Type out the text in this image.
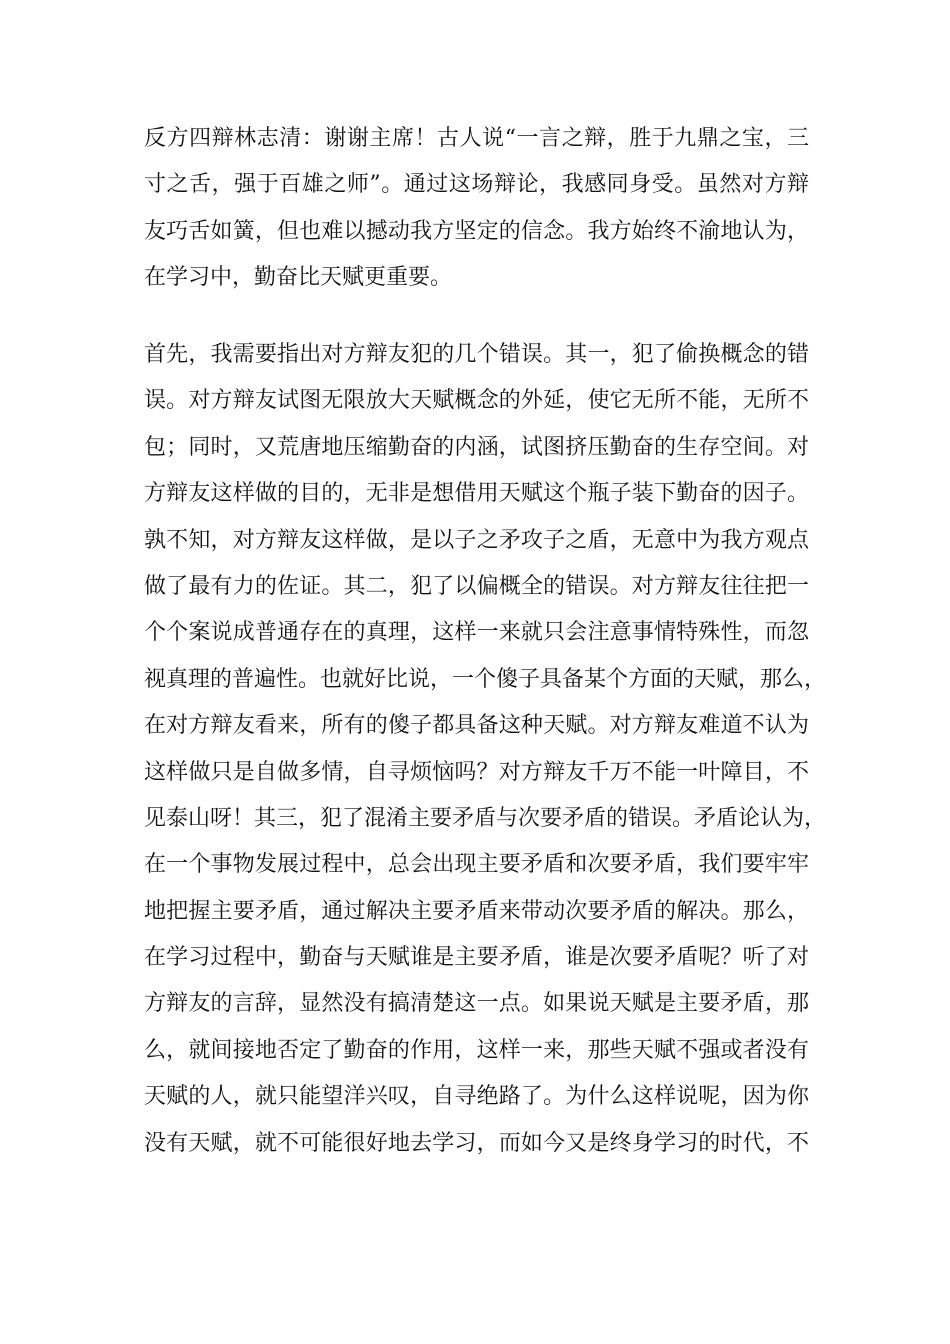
反方四辩林志清：谢谢主席！古人说“一言之辩，胜于九鼎之宝，三
寸之舌，强于百雄之师”。通过这场辩论，我感同身受。虽然对方辩
友巧舌如簧，但也难以撼动我方坚定的信念。我方始终不渝地认为，
在学习中，勤奋比天赋更重要。
首先，我需要指出对方辩友犯的几个错误。其一，犯了偷换概念的错
误。对方辩友试图无限放大天赋概念的外延，使它无所不能，无所不
包；同时，又荒唐地压缩勤奋的内涵，试图挤压勤奋的生存空间。对
方辩友这样做的目的，无非是想借用天赋这个瓶子装下勤奋的因子。
孰不知，对方辩友这样做，是以子之矛攻子之盾，无意中为我方观点
做了最有力的佐证。其二，犯了以偏概全的错误。对方辩友往往把一
个个案说成普通存在的真理，这样一来就只会注意事情特殊性，而忽
视真理的普遍性。也就好比说，一个傻子具备某个方面的天赋，那么，
在对方辩友看来，所有的傻子都具备这种天赋。对方辩友难道不认为
这样做只是自做多情，自寻烦恼吗？对方辩友千万不能一叶障目，不
见泰山呀！其三，犯了混淆主要矛盾与次要矛盾的错误。矛盾论认为，
在一个事物发展过程中，总会出现主要矛盾和次要矛盾，我们要牢牢
地把握主要矛盾，通过解决主要矛盾来带动次要矛盾的解决。那么，
在学习过程中，勤奋与天赋谁是主要矛盾，谁是次要矛盾呢？听了对
方辩友的言辞，显然没有搞清楚这一点。如果说天赋是主要矛盾，那
么，就间接地否定了勤奋的作用，这样一来，那些天赋不强或者没有
天赋的人，就只能望洋兴叹，自寻绝路了。为什么这样说呢，因为你
没有天赋，就不可能很好地去学习，而如今又是终身学习的时代，不
